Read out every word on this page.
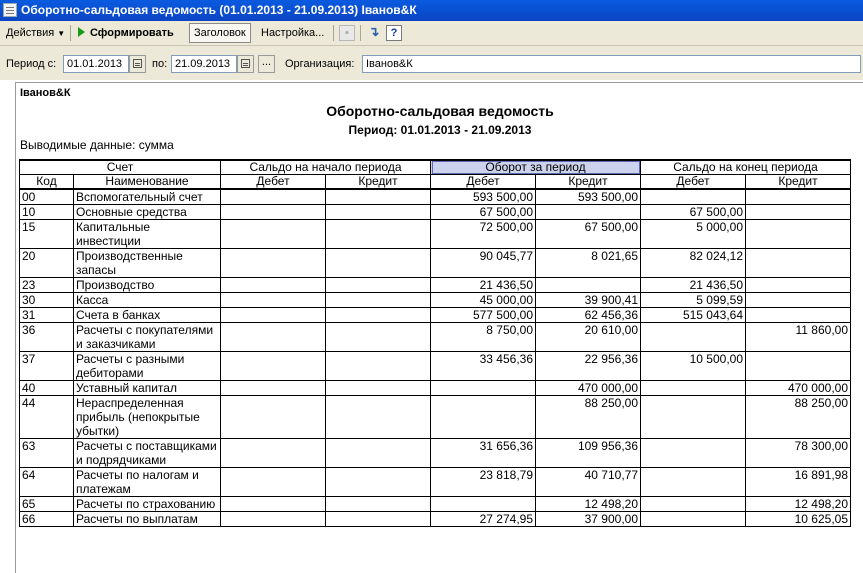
Оборотно-сальдовая ведомость (01.01.2013 - 21.09.2013) Іванов&К
Действия ▼	Сформировать	Заголовок	Настройка...	▪	↴	?
Период с: 01.01.2013	по: 21.09.2013	...	Организация:	Іванов&К
Іванов&К
Оборотно-сальдовая ведомость
Период: 01.01.2013 - 21.09.2013
Выводимые данные: сумма
Счет		Сальдо на начало периода		Оборот за период		Сальдо на конец периода	
Код	Наименование	Дебет	Кредит	Дебет	Кредит	Дебет	Кредит
00	Вспомогательный счет			593 500,00	593 500,00		
10	Основные средства			67 500,00		67 500,00	
15	Капитальные инвестиции			72 500,00	67 500,00	5 000,00	
20	Производственные запасы			90 045,77	8 021,65	82 024,12	
23	Производство			21 436,50		21 436,50	
30	Касса			45 000,00	39 900,41	5 099,59	
31	Счета в банках			577 500,00	62 456,36	515 043,64	
36	Расчеты с покупателями и заказчиками			8 750,00	20 610,00		11 860,00
37	Расчеты с разными дебиторами			33 456,36	22 956,36	10 500,00	
40	Уставный капитал				470 000,00		470 000,00
44	Нераспределенная прибыль (непокрытые убытки)				88 250,00		88 250,00
63	Расчеты с поставщиками и подрядчиками			31 656,36	109 956,36		78 300,00
64	Расчеты по налогам и платежам			23 818,79	40 710,77		16 891,98
65	Расчеты по страхованию				12 498,20		12 498,20
66	Расчеты по выплатам			27 274,95	37 900,00		10 625,05
